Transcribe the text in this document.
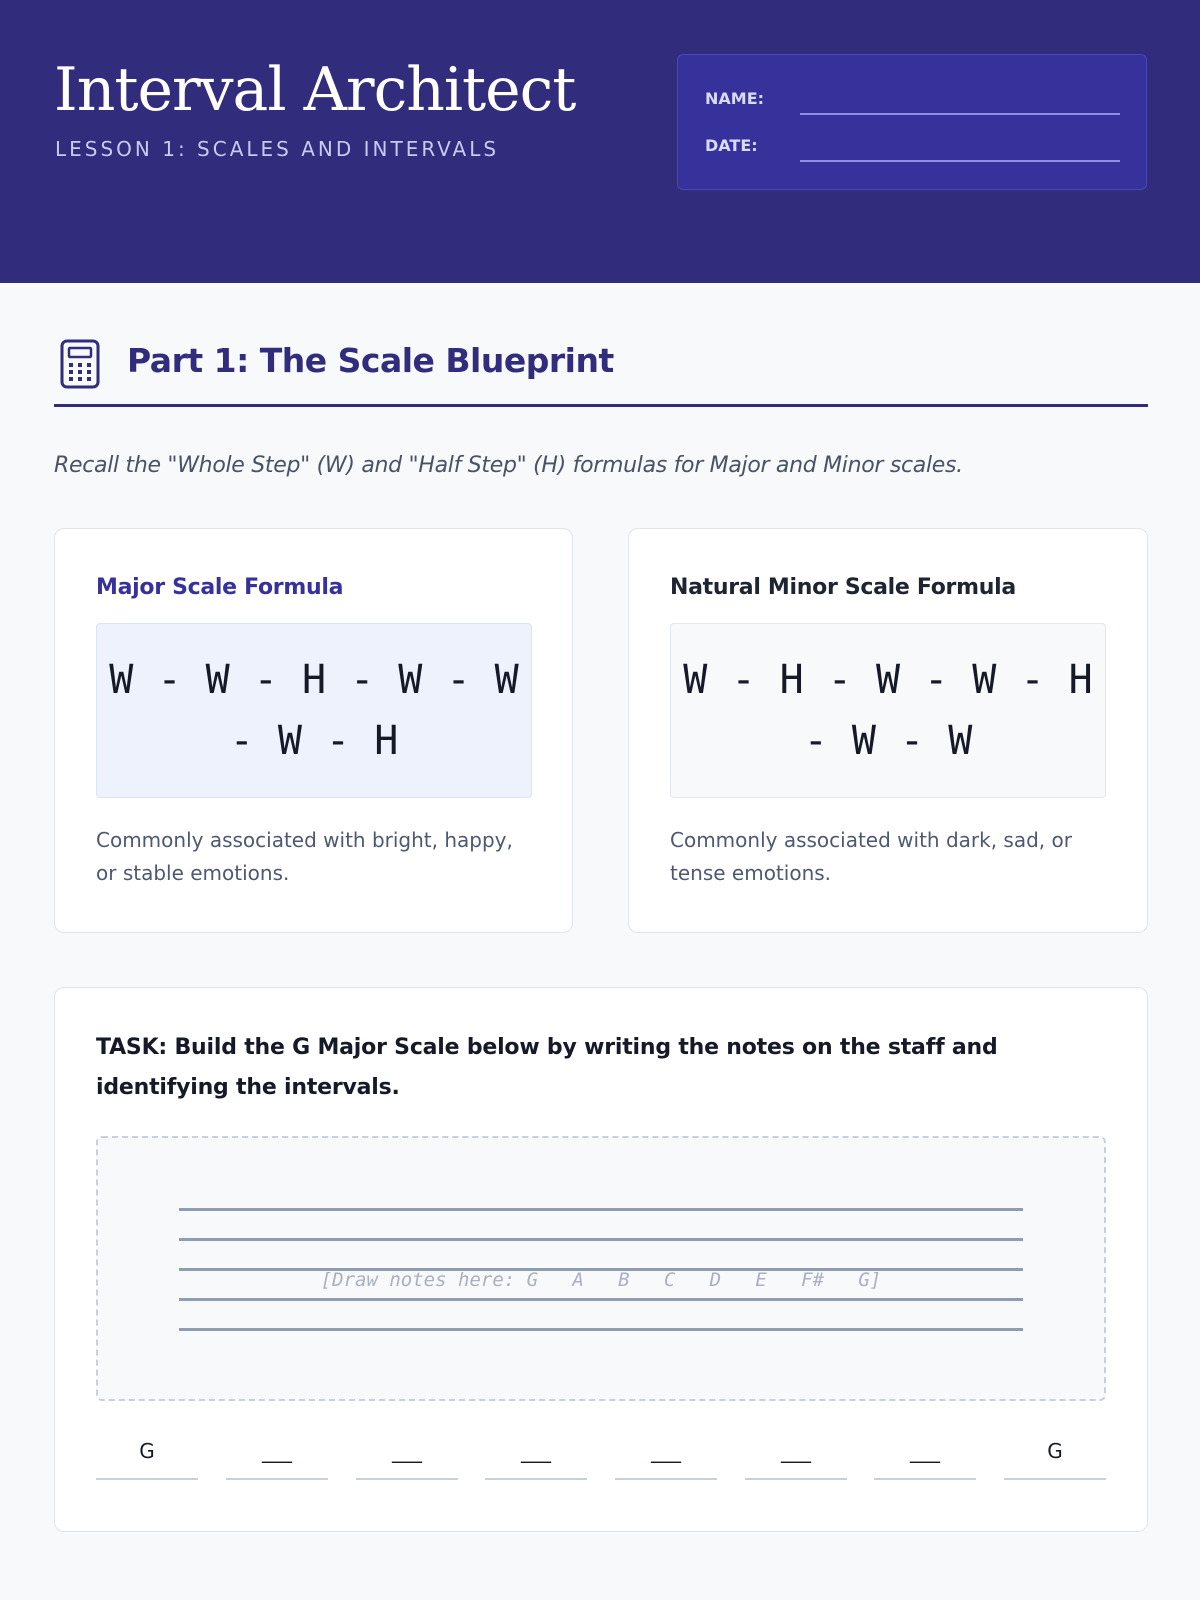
Interval Architect
LESSON 1: SCALES AND INTERVALS
NAME:
DATE:
Part 1: The Scale Blueprint
Recall the "Whole Step" (W) and "Half Step" (H) formulas for Major and Minor scales.
Major Scale Formula
W - W - H - W - W - W - H
Commonly associated with bright, happy, or stable emotions.
Natural Minor Scale Formula
W - H - W - W - H - W - W
Commonly associated with dark, sad, or tense emotions.
TASK: Build the G Major Scale below by writing the notes on the staff and identifying the intervals.
[Draw notes here: G   A   B   C   D   E   F#   G]
G	___	___	___	___	___	___	G
